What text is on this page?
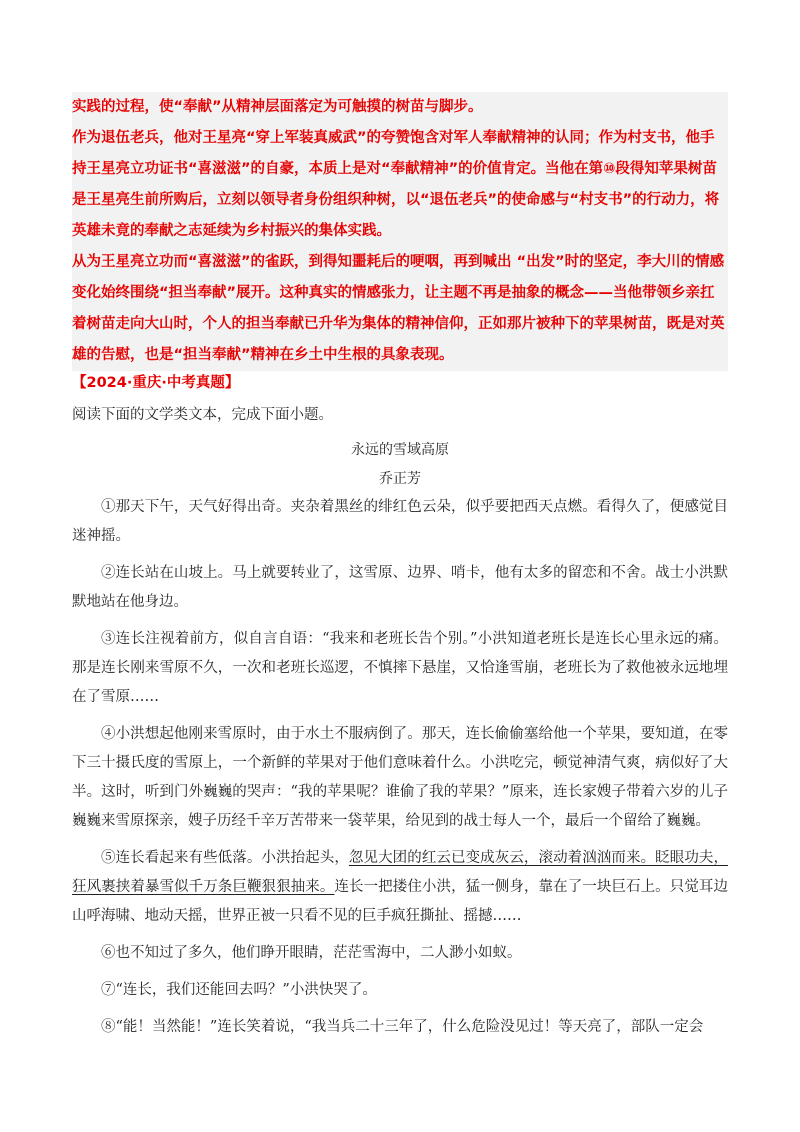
实践的过程，使“奉献”从精神层面落定为可触摸的树苗与脚步。

作为退伍老兵，他对王星亮“穿上军装真威武”的夸赞饱含对军人奉献精神的认同；作为村支书，他手持王星亮立功证书“喜滋滋”的自豪，本质上是对“奉献精神”的价值肯定。当他在第⑩段得知苹果树苗是王星亮生前所购后，立刻以领导者身份组织种树，以“退伍老兵”的使命感与“村支书”的行动力，将英雄未竟的奉献之志延续为乡村振兴的集体实践。

从为王星亮立功而“喜滋滋”的雀跃，到得知噩耗后的哽咽，再到喊出 “出发”时的坚定，李大川的情感变化始终围绕“担当奉献”展开。这种真实的情感张力，让主题不再是抽象的概念——当他带领乡亲扛着树苗走向大山时，个人的担当奉献已升华为集体的精神信仰，正如那片被种下的苹果树苗，既是对英雄的告慰，也是“担当奉献”精神在乡土中生根的具象表现。

【2024·重庆·中考真题】
阅读下面的文学类文本，完成下面小题。
永远的雪域高原
乔正芳

①那天下午，天气好得出奇。夹杂着黑丝的绯红色云朵，似乎要把西天点燃。看得久了，便感觉目迷神摇。

②连长站在山坡上。马上就要转业了，这雪原、边界、哨卡，他有太多的留恋和不舍。战士小洪默默地站在他身边。

③连长注视着前方，似自言自语：“我来和老班长告个别。”小洪知道老班长是连长心里永远的痛。那是连长刚来雪原不久，一次和老班长巡逻，不慎摔下悬崖，又恰逢雪崩，老班长为了救他被永远地埋在了雪原……

④小洪想起他刚来雪原时，由于水土不服病倒了。那天，连长偷偷塞给他一个苹果，要知道，在零下三十摄氏度的雪原上，一个新鲜的苹果对于他们意味着什么。小洪吃完，顿觉神清气爽，病似好了大半。这时，听到门外巍巍的哭声：“我的苹果呢？谁偷了我的苹果？”原来，连长家嫂子带着六岁的儿子巍巍来雪原探亲，嫂子历经千辛万苦带来一袋苹果，给见到的战士每人一个，最后一个留给了巍巍。

⑤连长看起来有些低落。小洪抬起头，忽见大团的红云已变成灰云，滚动着汹汹而来。眨眼功夫，狂风裹挟着暴雪似千万条巨鞭狠狠抽来。连长一把搂住小洪，猛一侧身，靠在了一块巨石上。只觉耳边山呼海啸、地动天摇，世界正被一只看不见的巨手疯狂撕扯、摇撼……

⑥也不知过了多久，他们睁开眼睛，茫茫雪海中，二人渺小如蚁。

⑦“连长，我们还能回去吗？”小洪快哭了。

⑧“能！当然能！”连长笑着说，“我当兵二十三年了，什么危险没见过！等天亮了，部队一定会
